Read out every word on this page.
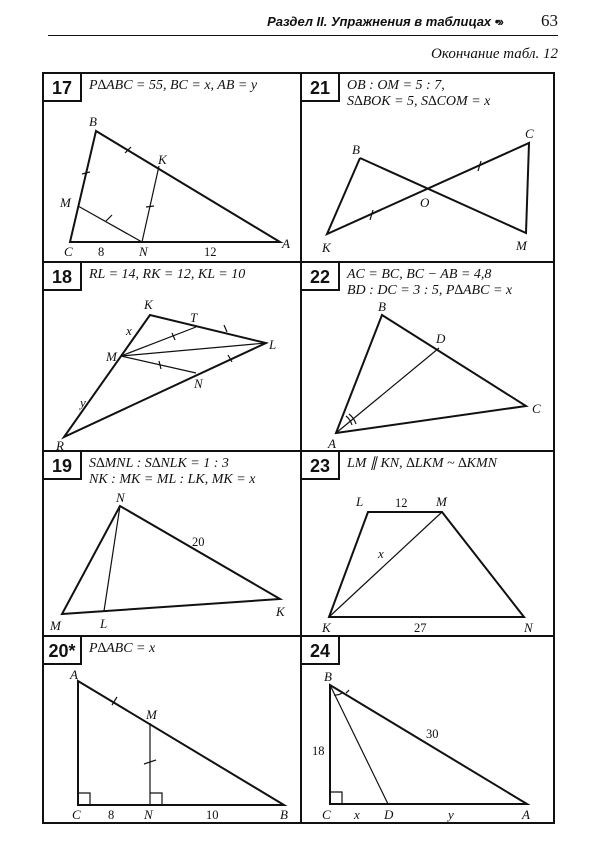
Раздел II. Упражнения в таблицах •›› 63
Окончание табл. 12
17	P∆ABC = 55, BC = x, AB = y
B
K
M
C	N
A
8	12
21	OB : OM = 5 : 7,
S∆BOK = 5, S∆COM = x
B
C
O
K	M
18	RL = 14, RK = 12, KL = 10
K
T
M
L
N
R
x
y
22	AC = BC, BC − AB = 4,8
BD : DC = 3 : 5, P∆ABC = x
B
D
C
A
19	S∆MNL : S∆NLK = 1 : 3
NK : MK = ML : LK, MK = x
N
20
M	L
K
23	LM ∥ KN, ∆LKM ~ ∆KMN
L	12 M
x
K	27	N
20* P∆ABC = x
A
M
C 8 N	10	B
24
B
18
30
C x D	y	A
